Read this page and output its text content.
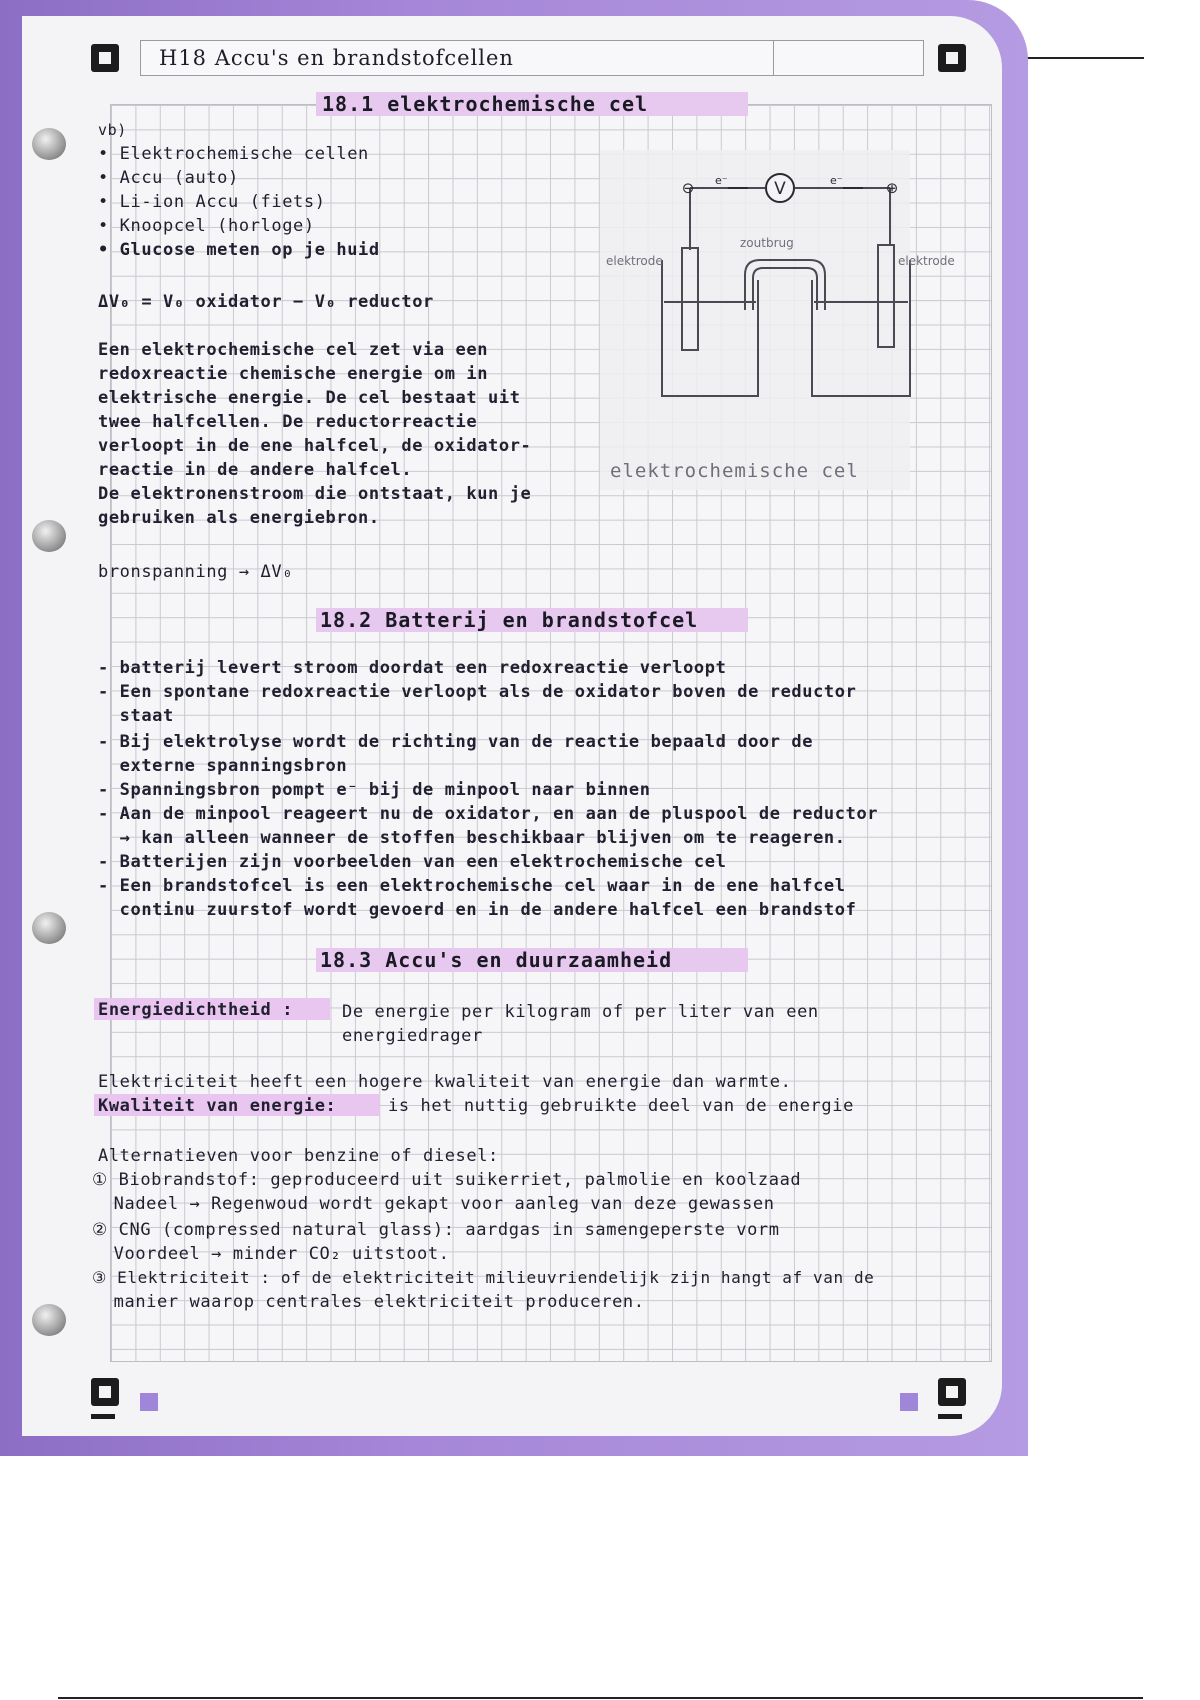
H18 Accu's en brandstofcellen
18.1 elektrochemische cel
vb)
• Elektrochemische cellen
• Accu (auto)
• Li-ion Accu (fiets)
• Knoopcel (horloge)
• Glucose meten op je huid
ΔV₀ = V₀ oxidator − V₀ reductor
Een elektrochemische cel zet via een
redoxreactie chemische energie om in
elektrische energie. De cel bestaat uit
twee halfcellen. De reductorreactie
verloopt in de ene halfcel, de oxidator-
reactie in de andere halfcel.
De elektronenstroom die ontstaat, kun je
gebruiken als energiebron.
bronspanning → ΔV₀
V
⊖	⊕
e⁻	e⁻
zoutbrug
elektrode	elektrode
elektrochemische cel
18.2 Batterij en brandstofcel
- batterij levert stroom doordat een redoxreactie verloopt
- Een spontane redoxreactie verloopt als de oxidator boven de reductor
staat
- Bij elektrolyse wordt de richting van de reactie bepaald door de
externe spanningsbron
- Spanningsbron pompt e⁻ bij de minpool naar binnen
- Aan de minpool reageert nu de oxidator, en aan de pluspool de reductor
→ kan alleen wanneer de stoffen beschikbaar blijven om te reageren.
- Batterijen zijn voorbeelden van een elektrochemische cel
- Een brandstofcel is een elektrochemische cel waar in de ene halfcel
continu zuurstof wordt gevoerd en in de andere halfcel een brandstof
18.3 Accu's en duurzaamheid
Energiedichtheid :	De energie per kilogram of per liter van een
energiedrager
Elektriciteit heeft een hogere kwaliteit van energie dan warmte.
Kwaliteit van energie:	is het nuttig gebruikte deel van de energie
Alternatieven voor benzine of diesel:
① Biobrandstof: geproduceerd uit suikerriet, palmolie en koolzaad
Nadeel → Regenwoud wordt gekapt voor aanleg van deze gewassen
② CNG (compressed natural glass): aardgas in samengeperste vorm
Voordeel → minder CO₂ uitstoot.
③ Elektriciteit : of de elektriciteit milieuvriendelijk zijn hangt af van de
manier waarop centrales elektriciteit produceren.
